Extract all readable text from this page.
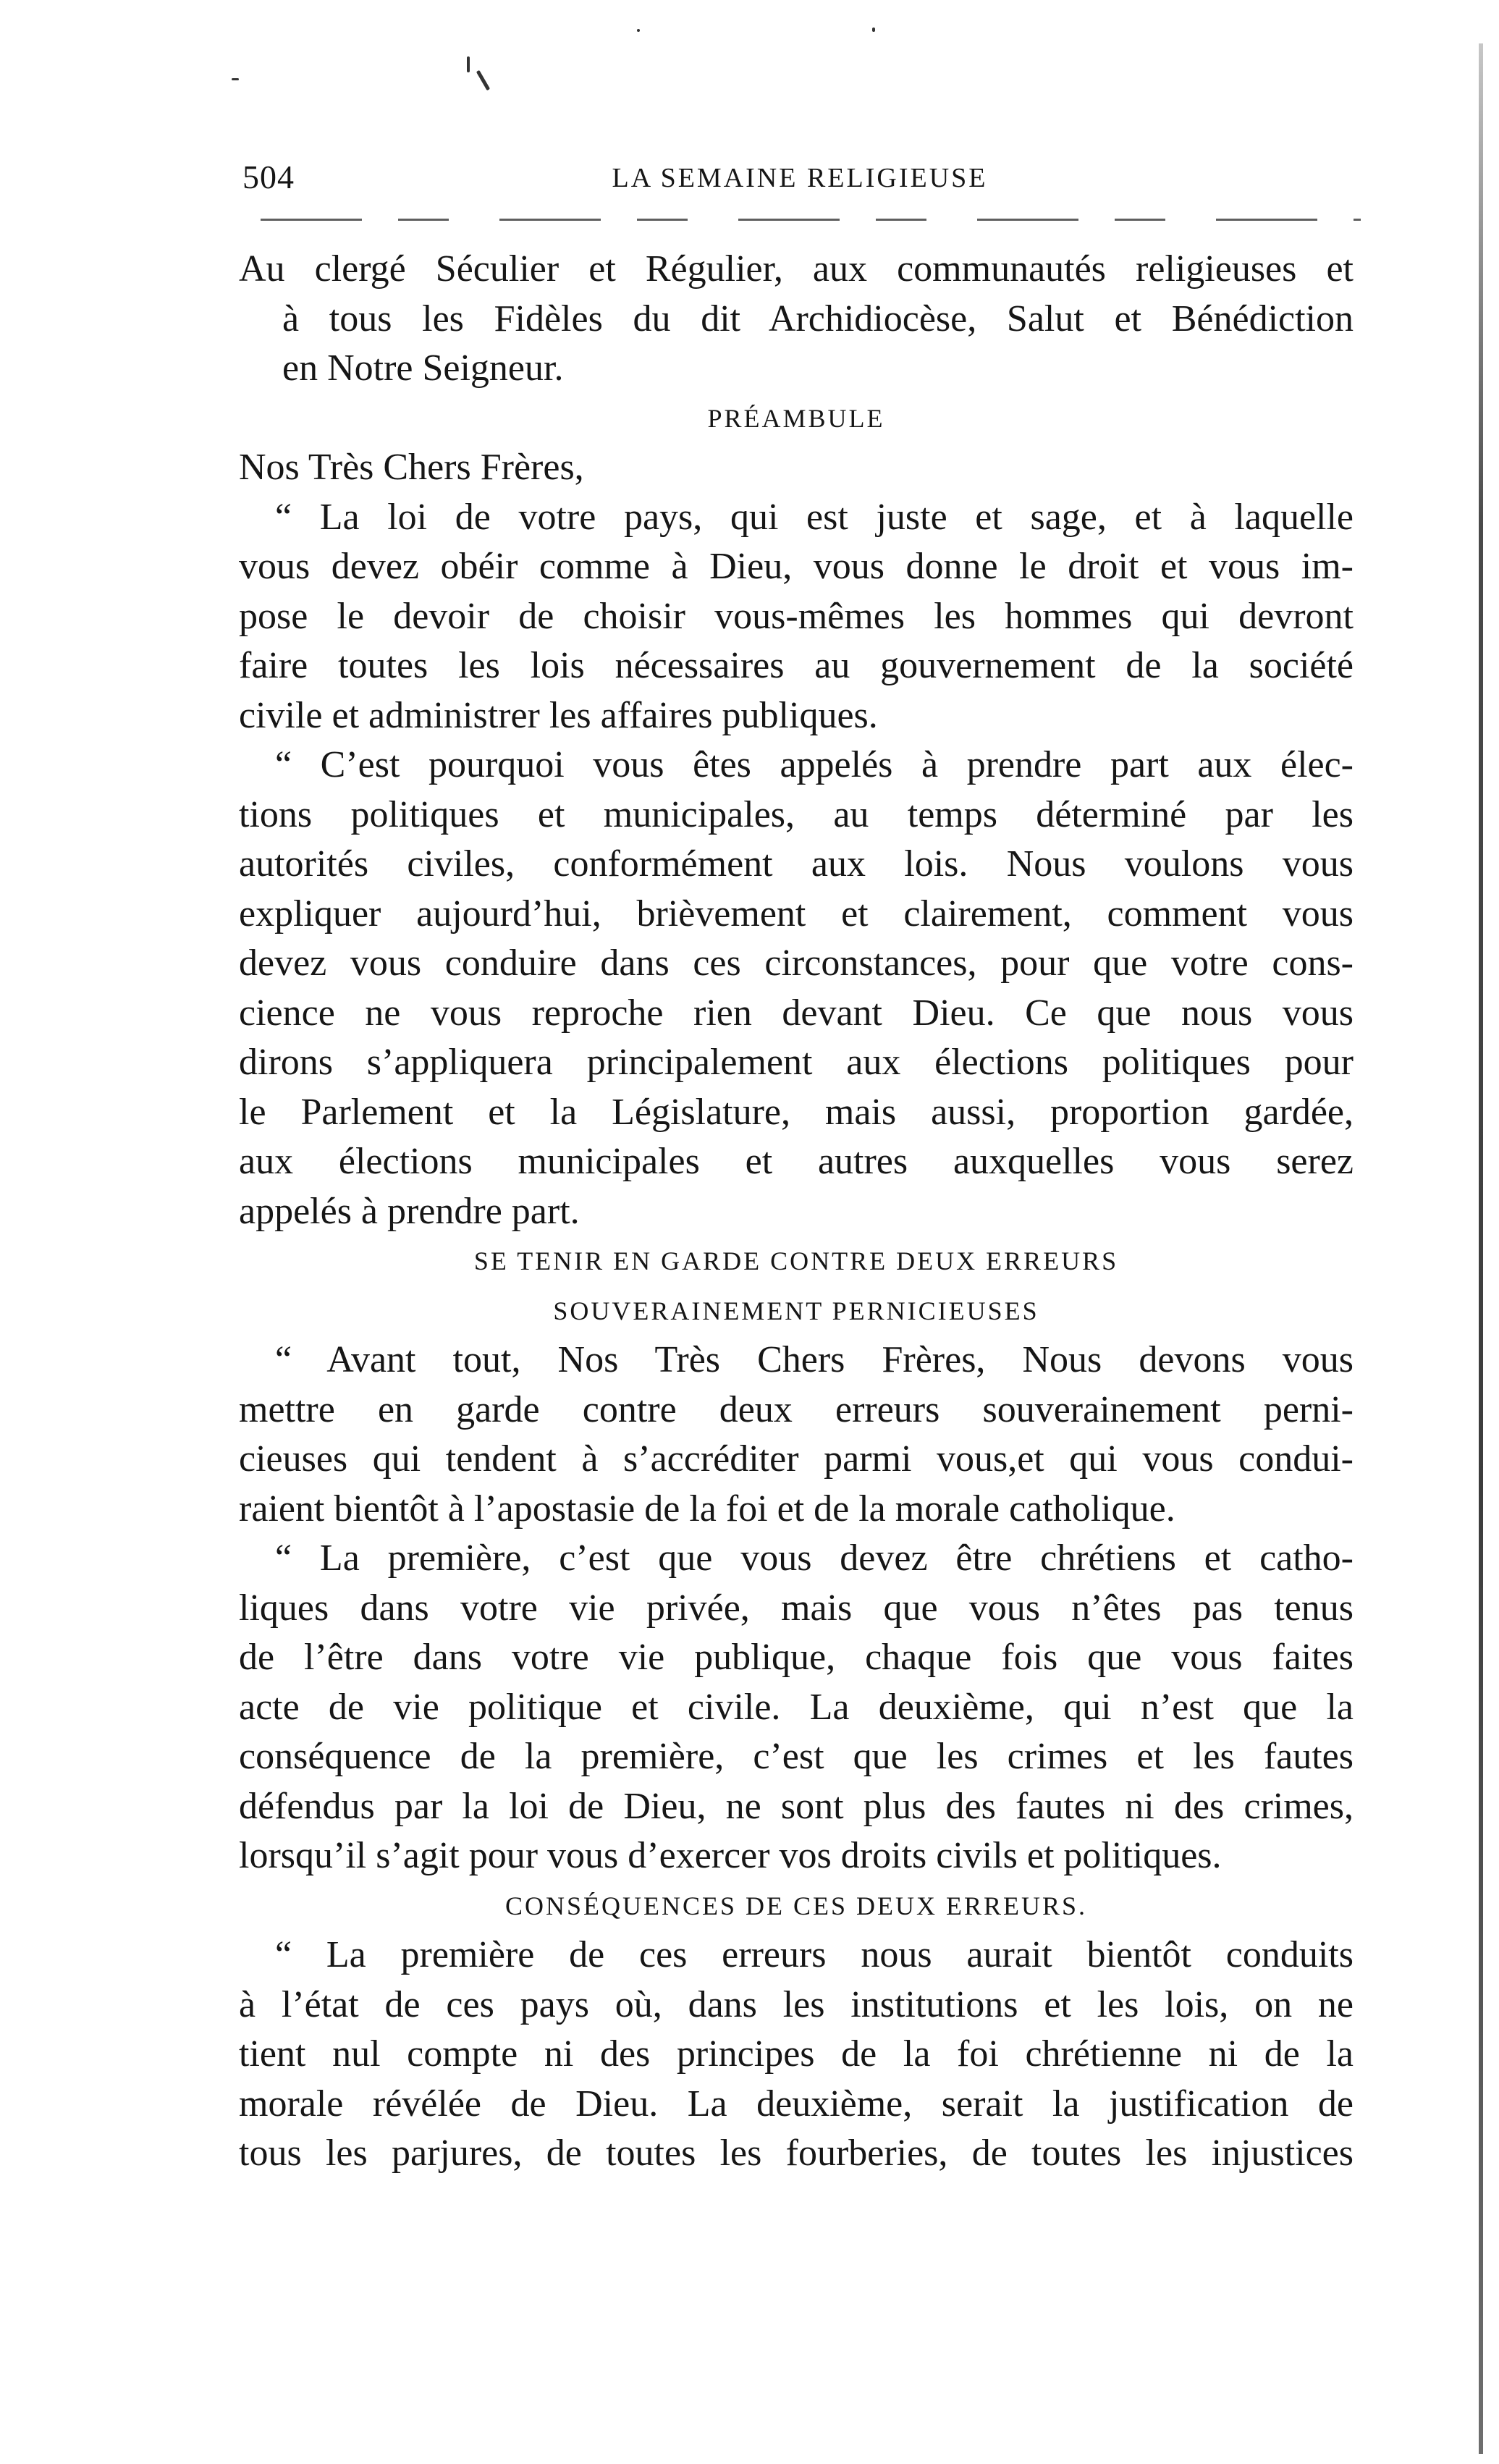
504	LA SEMAINE RELIGIEUSE
Au clergé Séculier et Régulier, aux communautés religieuses et
à tous les Fidèles du dit Archidiocèse, Salut et Bénédiction
en Notre Seigneur.
PRÉAMBULE
Nos Très Chers Frères,
“ La loi de votre pays, qui est juste et sage, et à laquelle
vous devez obéir comme à Dieu, vous donne le droit et vous im-
pose le devoir de choisir vous-mêmes les hommes qui devront
faire toutes les lois nécessaires au gouvernement de la société
civile et administrer les affaires publiques.
“ C’est pourquoi vous êtes appelés à prendre part aux élec-
tions politiques et municipales, au temps déterminé par les
autorités civiles, conformément aux lois. Nous voulons vous
expliquer aujourd’hui, brièvement et clairement, comment vous
devez vous conduire dans ces circonstances, pour que votre cons-
cience ne vous reproche rien devant Dieu. Ce que nous vous
dirons s’appliquera principalement aux élections politiques pour
le Parlement et la Législature, mais aussi, proportion gardée,
aux élections municipales et autres auxquelles vous serez
appelés à prendre part.
SE TENIR EN GARDE CONTRE DEUX ERREURS
SOUVERAINEMENT PERNICIEUSES
“ Avant tout, Nos Très Chers Frères, Nous devons vous
mettre en garde contre deux erreurs souverainement perni-
cieuses qui tendent à s’accréditer parmi vous,et qui vous condui-
raient bientôt à l’apostasie de la foi et de la morale catholique.
“ La première, c’est que vous devez être chrétiens et catho-
liques dans votre vie privée, mais que vous n’êtes pas tenus
de l’être dans votre vie publique, chaque fois que vous faites
acte de vie politique et civile. La deuxième, qui n’est que la
conséquence de la première, c’est que les crimes et les fautes
défendus par la loi de Dieu, ne sont plus des fautes ni des crimes,
lorsqu’il s’agit pour vous d’exercer vos droits civils et politiques.
CONSÉQUENCES DE CES DEUX ERREURS.
“ La première de ces erreurs nous aurait bientôt conduits
à l’état de ces pays où, dans les institutions et les lois, on ne
tient nul compte ni des principes de la foi chrétienne ni de la
morale révélée de Dieu. La deuxième, serait la justification de
tous les parjures, de toutes les fourberies, de toutes les injustices
